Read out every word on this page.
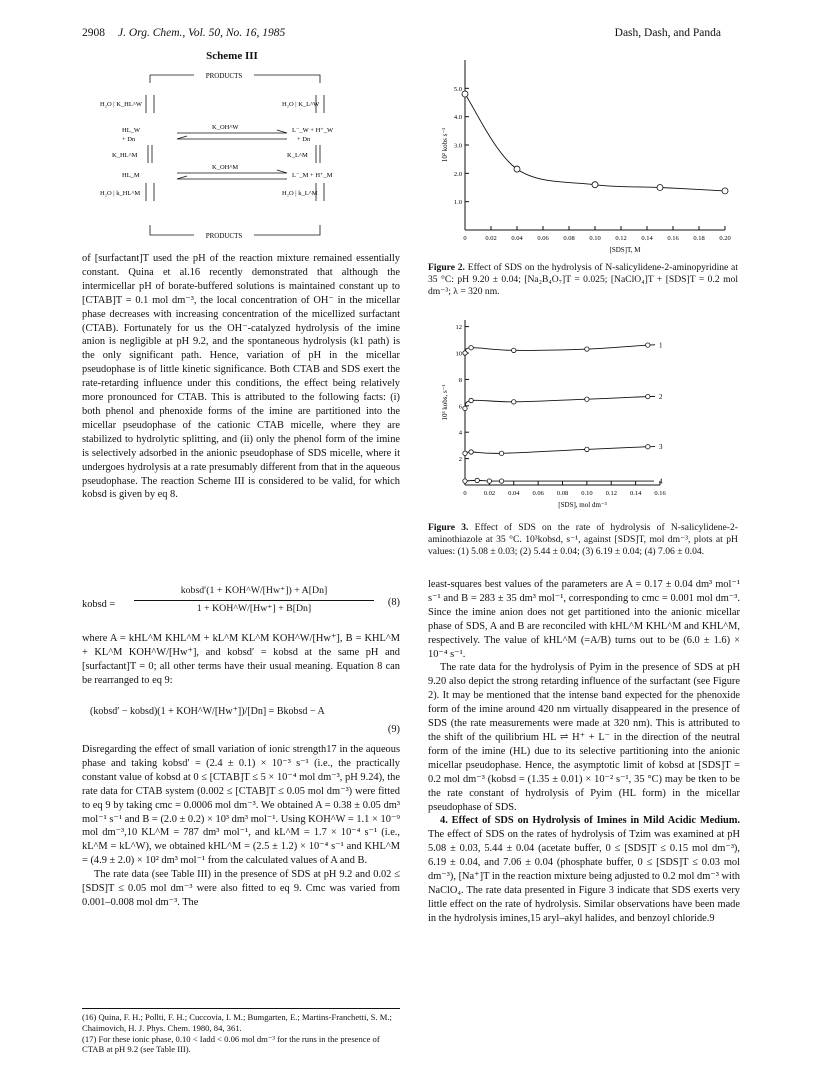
2908 J. Org. Chem., Vol. 50, No. 16, 1985	Dash, Dash, and Panda
Scheme III
PRODUCTS
PRODUCTS
H₂O | K_HL^W	H₂O | K_L^W
HL_W
+ Dn
K_OH^W	L⁻_W + H⁺_W
+ Dn
K_HL^M	K_L^M
HL_M
K_OH^M
L⁻_M + H⁺_M
H₂O | k_HL^M	H₂O | k_L^M

of [surfactant]T used the pH of the reaction mixture remained essentially constant. Quina et al.16 recently demonstrated that although the intermicellar pH of borate-buffered solutions is maintained constant up to [CTAB]T = 0.1 mol dm⁻³, the local concentration of OH⁻ in the micellar phase decreases with increasing concentration of the micellized surfactant (CTAB). Fortunately for us the OH⁻-catalyzed hydrolysis of the imine anion is negligible at pH 9.2, and the spontaneous hydrolysis (k1 path) is the only significant path. Hence, variation of pH in the micellar pseudophase is of little kinetic significance. Both CTAB and SDS exert the rate-retarding influence under this conditions, the effect being relatively more pronounced for CTAB. This is attributed to the following facts: (i) both phenol and phenoxide forms of the imine are partitioned into the micellar pseudophase of the cationic CTAB micelle, where they are stabilized to hydrolytic splitting, and (ii) only the phenol form of the imine is selectively adsorbed in the anionic pseudophase of SDS micelle, where it undergoes hydrolysis at a rate presumably different from that in the aqueous pseudophase. The reaction Scheme III is considered to be valid, for which kobsd is given by eq 8.

kobsd =
kobsd′(1 + KOH^W/[Hw⁺]) + A[Dn]
1 + KOH^W/[Hw⁺] + B[Dn]
(8)

where A = kHL^M KHL^M + kL^M KL^M KOH^W/[Hw⁺], B = KHL^M + KL^M KOH^W/[Hw⁺], and kobsd′ = kobsd at the same pH and [surfactant]T = 0; all other terms have their usual meaning. Equation 8 can be rearranged to eq 9:

(kobsd′ − kobsd)(1 + KOH^W/[Hw⁺])/[Dn] = Bkobsd − A
(9)

Disregarding the effect of small variation of ionic strength17 in the aqueous phase and taking kobsd′ = (2.4 ± 0.1) × 10⁻³ s⁻¹ (i.e., the practically constant value of kobsd at 0 ≤ [CTAB]T ≤ 5 × 10⁻⁴ mol dm⁻³, pH 9.24), the rate data for CTAB system (0.002 ≤ [CTAB]T ≤ 0.05 mol dm⁻³) were fitted to eq 9 by taking cmc = 0.0006 mol dm⁻³. We obtained A = 0.38 ± 0.05 dm³ mol⁻¹ s⁻¹ and B = (2.0 ± 0.2) × 10³ dm³ mol⁻¹. Using KOH^W = 1.1 × 10⁻⁹ mol dm⁻³,10 KL^M = 787 dm³ mol⁻¹, and kL^M = 1.7 × 10⁻⁴ s⁻¹ (i.e., kL^M = kL^W), we obtained kHL^M = (2.5 ± 1.2) × 10⁻⁴ s⁻¹ and KHL^M = (4.9 ± 2.0) × 10² dm³ mol⁻¹ from the calculated values of A and B.

The rate data (see Table III) in the presence of SDS at pH 9.2 and 0.02 ≤ [SDS]T ≤ 0.05 mol dm⁻³ were also fitted to eq 9. Cmc was varied from 0.001–0.008 mol dm⁻³. The

(16) Quina, F. H.; Pollti, F. H.; Cuccovia, I. M.; Bumgarten, E.; Martins-Franchetti, S. M.; Chaimovich, H. J. Phys. Chem. 1980, 84, 361.
(17) For these ionic phase, 0.10 < Iadd < 0.06 mol dm⁻³ for the runs in the presence of CTAB at pH 9.2 (see Table III).
0	0.02 0.04 0.06 0.08 0.10 0.12 0.14 0.16 0.18 0.20
1.0
2.0
3.0
4.0
5.0
[SDS]T, M
10² kobs s⁻¹
Figure 2. Effect of SDS on the hydrolysis of N-salicylidene-2-aminopyridine at 35 °C: pH 9.20 ± 0.04; [Na₂B₄O₇]T = 0.025; [NaClO₄]T + [SDS]T = 0.2 mol dm⁻³; λ = 320 nm.
0	0.02 0.04 0.06 0.08 0.10 0.12 0.14 0.16
2
4
6
8
10
12
[SDS], mol dm⁻³
10³ kobs, s⁻¹
1
2
3
4
Figure 3. Effect of SDS on the rate of hydrolysis of N-salicylidene-2-aminothiazole at 35 °C. 10³kobsd, s⁻¹, against [SDS]T, mol dm⁻³, plots at pH values: (1) 5.08 ± 0.03; (2) 5.44 ± 0.04; (3) 6.19 ± 0.04; (4) 7.06 ± 0.04.

least-squares best values of the parameters are A = 0.17 ± 0.04 dm³ mol⁻¹ s⁻¹ and B = 283 ± 35 dm³ mol⁻¹, corresponding to cmc = 0.001 mol dm⁻³. Since the imine anion does not get partitioned into the anionic micellar phase of SDS, A and B are reconciled with kHL^M KHL^M and KHL^M, respectively. The value of kHL^M (=A/B) turns out to be (6.0 ± 1.6) × 10⁻⁴ s⁻¹.

The rate data for the hydrolysis of Pyim in the presence of SDS at pH 9.20 also depict the strong retarding influence of the surfactant (see Figure 2). It may be mentioned that the intense band expected for the phenoxide form of the imine around 420 nm virtually disappeared in the presence of SDS (the rate measurements were made at 320 nm). This is attributed to the shift of the quilibrium HL ⇌ H⁺ + L⁻ in the direction of the neutral form of the imine (HL) due to its selective partitioning into the anionic micellar pseudophase. Hence, the asymptotic limit of kobsd at [SDS]T = 0.2 mol dm⁻³ (kobsd = (1.35 ± 0.01) × 10⁻² s⁻¹, 35 °C) may be tken to be the rate constant of hydrolysis of Pyim (HL form) in the micellar pseudophase of SDS.

4. Effect of SDS on Hydrolysis of Imines in Mild Acidic Medium. The effect of SDS on the rates of hydrolysis of Tzim was examined at pH 5.08 ± 0.03, 5.44 ± 0.04 (acetate buffer, 0 ≤ [SDS]T ≤ 0.15 mol dm⁻³), 6.19 ± 0.04, and 7.06 ± 0.04 (phosphate buffer, 0 ≤ [SDS]T ≤ 0.03 mol dm⁻³), [Na⁺]T in the reaction mixture being adjusted to 0.2 mol dm⁻³ with NaClO₄. The rate data presented in Figure 3 indicate that SDS exerts very little effect on the rate of hydrolysis. Similar observations have been made in the hydrolysis imines,15 aryl–akyl halides, and benzoyl chloride.9
